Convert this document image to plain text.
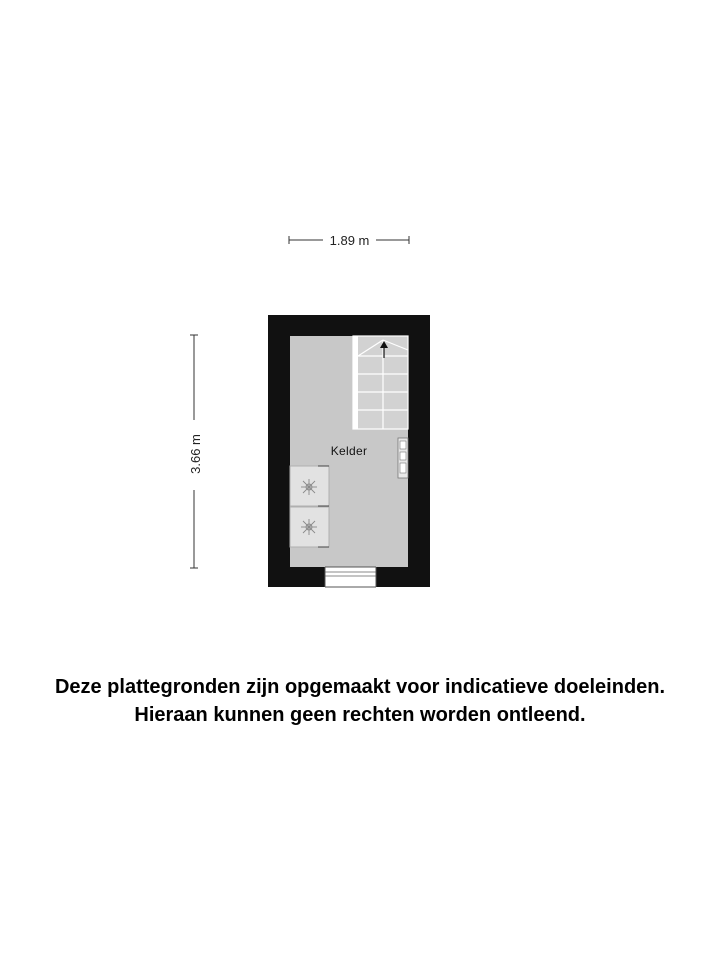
1.89 m
3.66 m	Kelder
Deze plattegronden zijn opgemaakt voor indicatieve doeleinden.
Hieraan kunnen geen rechten worden ontleend.
